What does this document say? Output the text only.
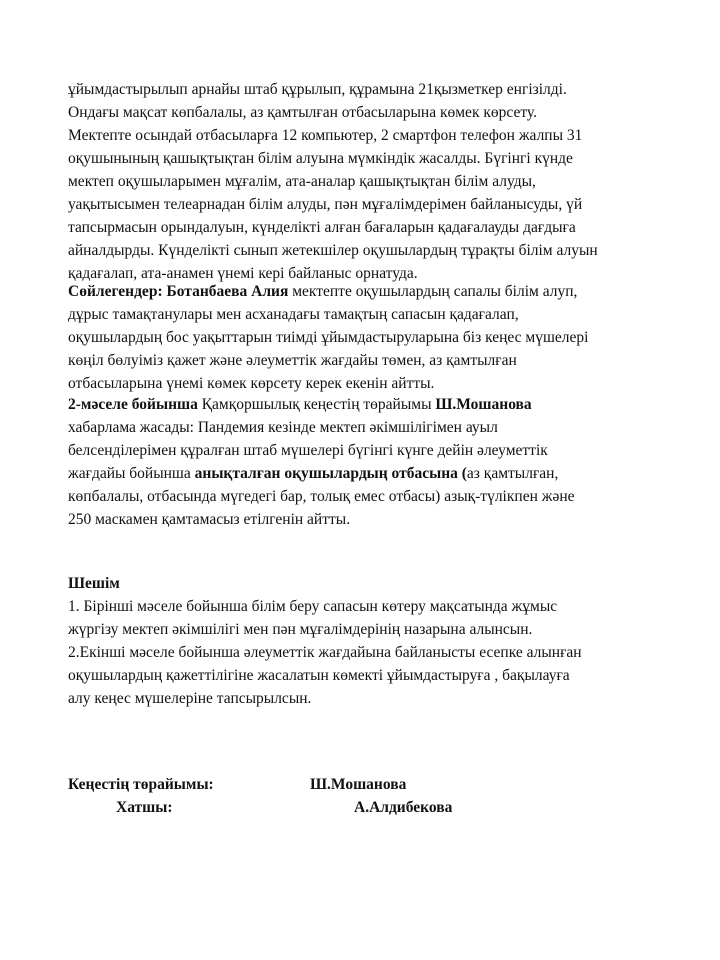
ұйымдастырылып арнайы штаб құрылып, құрамына 21қызметкер енгізілді.
Ондағы мақсат көпбалалы, аз қамтылған отбасыларына көмек көрсету.
Мектепте осындай отбасыларға 12 компьютер, 2 смартфон телефон жалпы 31
оқушынының қашықтықтан білім алуына мүмкіндік жасалды. Бүгінгі күнде
мектеп оқушыларымен мұғалім, ата-аналар қашықтықтан білім алуды,
уақытысымен телеарнадан білім алуды, пән мұғалімдерімен байланысуды, үй
тапсырмасын орындалуын, күнделікті алған бағаларын қадағалауды дағдыға
айналдырды. Күнделікті сынып жетекшілер оқушылардың тұрақты білім алуын
қадағалап, ата-анамен үнемі кері байланыс орнатуда.
Сөйлегендер: Ботанбаева Алия мектепте оқушылардың сапалы білім алуп,
дұрыс тамақтанулары мен асханадағы тамақтың сапасын қадағалап,
оқушылардың бос уақыттарын тиімді ұйымдастыруларына біз кеңес мүшелері
көңіл бөлуіміз қажет және әлеуметтік жағдайы төмен, аз қамтылған
отбасыларына үнемі көмек көрсету керек екенін айтты.
2-мәселе бойынша Қамқоршылық кеңестің төрайымы Ш.Мошанова
хабарлама жасады: Пандемия кезінде мектеп әкімшілігімен ауыл
белсенділерімен құралған штаб мүшелері бүгінгі күнге дейін әлеуметтік
жағдайы бойынша анықталған оқушылардың отбасына (аз қамтылған,
көпбалалы, отбасында мүгедегі бар, толық емес отбасы) азық-түлікпен және
250 маскамен қамтамасыз етілгенін айтты.
Шешім
1. Бірінші мәселе бойынша білім беру сапасын көтеру мақсатында жұмыс
жүргізу мектеп әкімшілігі мен пән мұғалімдерінің назарына алынсын.
2.Екінші мәселе бойынша әлеуметтік жағдайына байланысты есепке алынған
оқушылардың қажеттілігіне жасалатын көмекті ұйымдастыруға , бақылауға
алу кеңес мүшелеріне тапсырылсын.
Кеңестің төрайымы:	Ш.Мошанова
Хатшы:	А.Алдибекова
